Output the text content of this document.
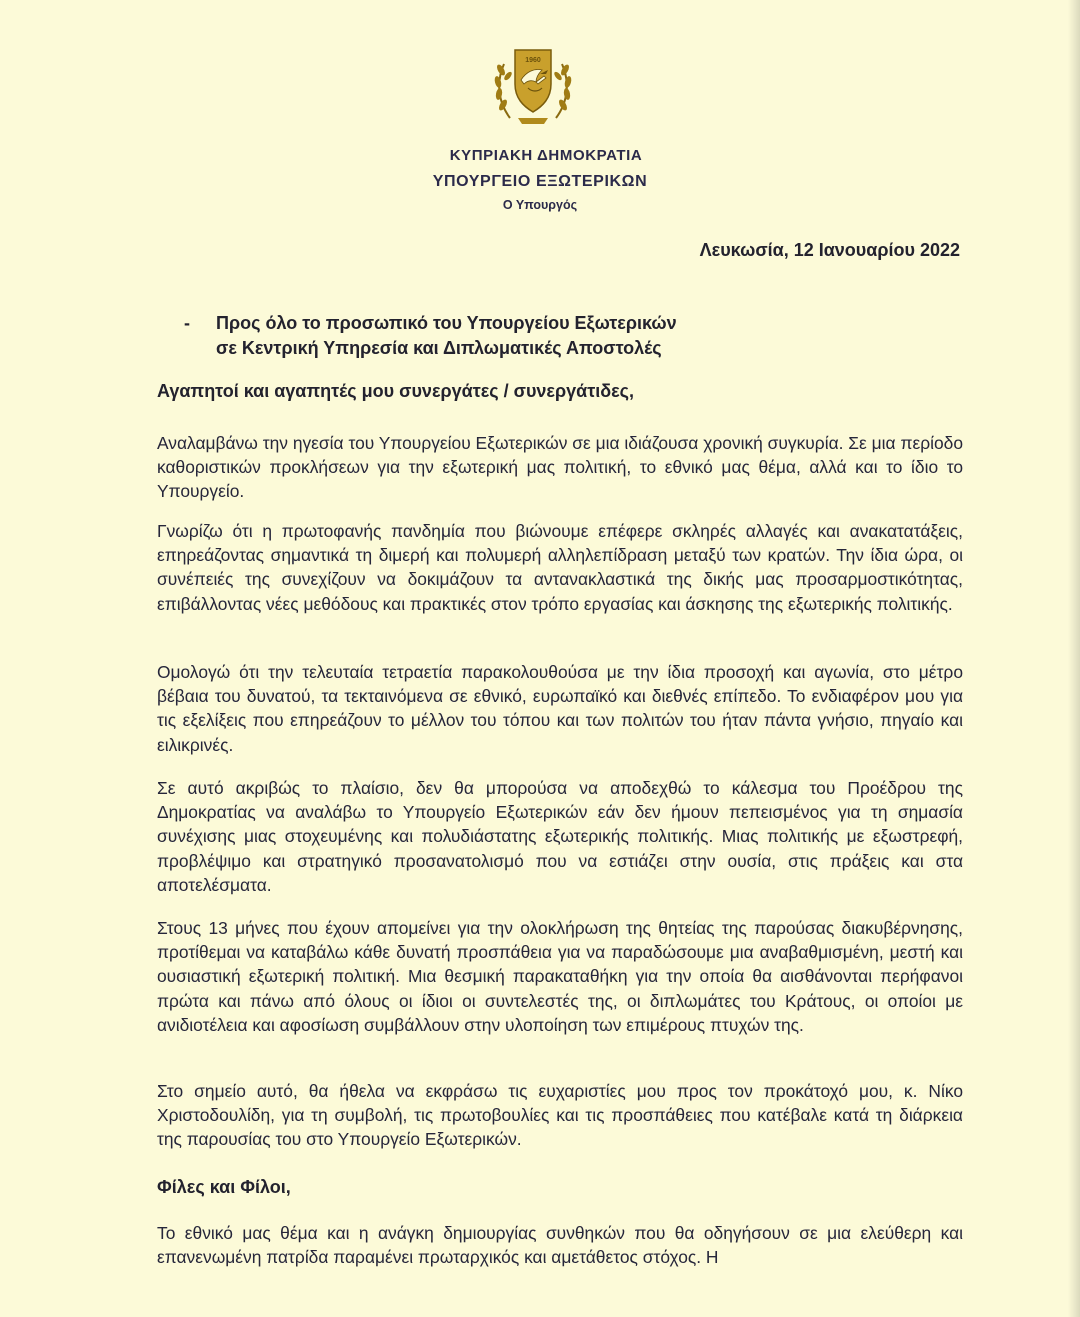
1960
ΚΥΠΡΙΑΚΗ ΔΗΜΟΚΡΑΤΙΑ
ΥΠΟΥΡΓΕΙΟ ΕΞΩΤΕΡΙΚΩΝ
Ο Υπουργός
Λευκωσία, 12 Ιανουαρίου 2022
- Προς όλο το προσωπικό του Υπουργείου Εξωτερικών
σε Κεντρική Υπηρεσία και Διπλωματικές Αποστολές
Αγαπητοί και αγαπητές μου συνεργάτες / συνεργάτιδες,
Αναλαμβάνω την ηγεσία του Υπουργείου Εξωτερικών σε μια ιδιάζουσα χρονική συγκυρία. Σε μια περίοδο καθοριστικών προκλήσεων για την εξωτερική μας πολιτική, το εθνικό μας θέμα, αλλά και το ίδιο το Υπουργείο.
Γνωρίζω ότι η πρωτοφανής πανδημία που βιώνουμε επέφερε σκληρές αλλαγές και ανακατατάξεις, επηρεάζοντας σημαντικά τη διμερή και πολυμερή αλληλεπίδραση μεταξύ των κρατών. Την ίδια ώρα, οι συνέπειές της συνεχίζουν να δοκιμάζουν τα αντανακλαστικά της δικής μας προσαρμοστικότητας, επιβάλλοντας νέες μεθόδους και πρακτικές στον τρόπο εργασίας και άσκησης της εξωτερικής πολιτικής.
Ομολογώ ότι την τελευταία τετραετία παρακολουθούσα με την ίδια προσοχή και αγωνία, στο μέτρο βέβαια του δυνατού, τα τεκταινόμενα σε εθνικό, ευρωπαϊκό και διεθνές επίπεδο. Το ενδιαφέρον μου για τις εξελίξεις που επηρεάζουν το μέλλον του τόπου και των πολιτών του ήταν πάντα γνήσιο, πηγαίο και ειλικρινές.
Σε αυτό ακριβώς το πλαίσιο, δεν θα μπορούσα να αποδεχθώ το κάλεσμα του Προέδρου της Δημοκρατίας να αναλάβω το Υπουργείο Εξωτερικών εάν δεν ήμουν πεπεισμένος για τη σημασία συνέχισης μιας στοχευμένης και πολυδιάστατης εξωτερικής πολιτικής. Μιας πολιτικής με εξωστρεφή, προβλέψιμο και στρατηγικό προσανατολισμό που να εστιάζει στην ουσία, στις πράξεις και στα αποτελέσματα.
Στους 13 μήνες που έχουν απομείνει για την ολοκλήρωση της θητείας της παρούσας διακυβέρνησης, προτίθεμαι να καταβάλω κάθε δυνατή προσπάθεια για να παραδώσουμε μια αναβαθμισμένη, μεστή και ουσιαστική εξωτερική πολιτική. Μια θεσμική παρακαταθήκη για την οποία θα αισθάνονται περήφανοι πρώτα και πάνω από όλους οι ίδιοι οι συντελεστές της, οι διπλωμάτες του Κράτους, οι οποίοι με ανιδιοτέλεια και αφοσίωση συμβάλλουν στην υλοποίηση των επιμέρους πτυχών της.
Στο σημείο αυτό, θα ήθελα να εκφράσω τις ευχαριστίες μου προς τον προκάτοχό μου, κ. Νίκο Χριστοδουλίδη, για τη συμβολή, τις πρωτοβουλίες και τις προσπάθειες που κατέβαλε κατά τη διάρκεια της παρουσίας του στο Υπουργείο Εξωτερικών.
Φίλες και Φίλοι,
Το εθνικό μας θέμα και η ανάγκη δημιουργίας συνθηκών που θα οδηγήσουν σε μια ελεύθερη και επανενωμένη πατρίδα παραμένει πρωταρχικός και αμετάθετος στόχος. Η
